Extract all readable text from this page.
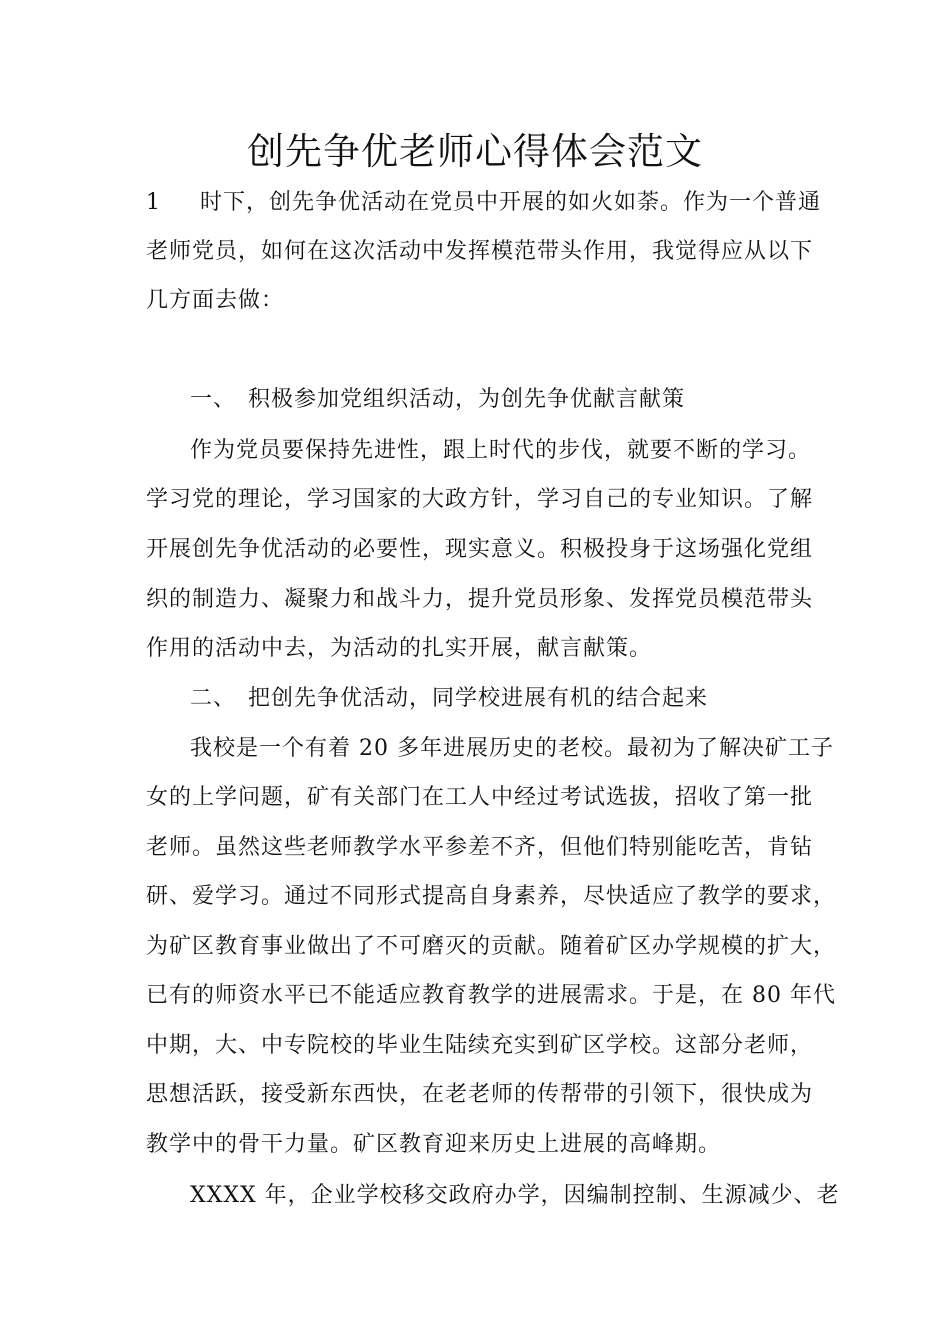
创先争优老师心得体会范文
1 时下，创先争优活动在党员中开展的如火如荼。作为一个普通
老师党员，如何在这次活动中发挥模范带头作用，我觉得应从以下
几方面去做：
一、 积极参加党组织活动，为创先争优献言献策
作为党员要保持先进性，跟上时代的步伐，就要不断的学习。
学习党的理论，学习国家的大政方针，学习自己的专业知识。了解
开展创先争优活动的必要性，现实意义。积极投身于这场强化党组
织的制造力、凝聚力和战斗力，提升党员形象、发挥党员模范带头
作用的活动中去，为活动的扎实开展，献言献策。
二、 把创先争优活动，同学校进展有机的结合起来
我校是一个有着 20 多年进展历史的老校。最初为了解决矿工子
女的上学问题，矿有关部门在工人中经过考试选拔，招收了第一批
老师。虽然这些老师教学水平参差不齐，但他们特别能吃苦，肯钻
研、爱学习。通过不同形式提高自身素养，尽快适应了教学的要求，
为矿区教育事业做出了不可磨灭的贡献。随着矿区办学规模的扩大，
已有的师资水平已不能适应教育教学的进展需求。于是，在 80 年代
中期，大、中专院校的毕业生陆续充实到矿区学校。这部分老师，
思想活跃，接受新东西快，在老老师的传帮带的引领下，很快成为
教学中的骨干力量。矿区教育迎来历史上进展的高峰期。
XXXX 年，企业学校移交政府办学，因编制控制、生源减少、老
